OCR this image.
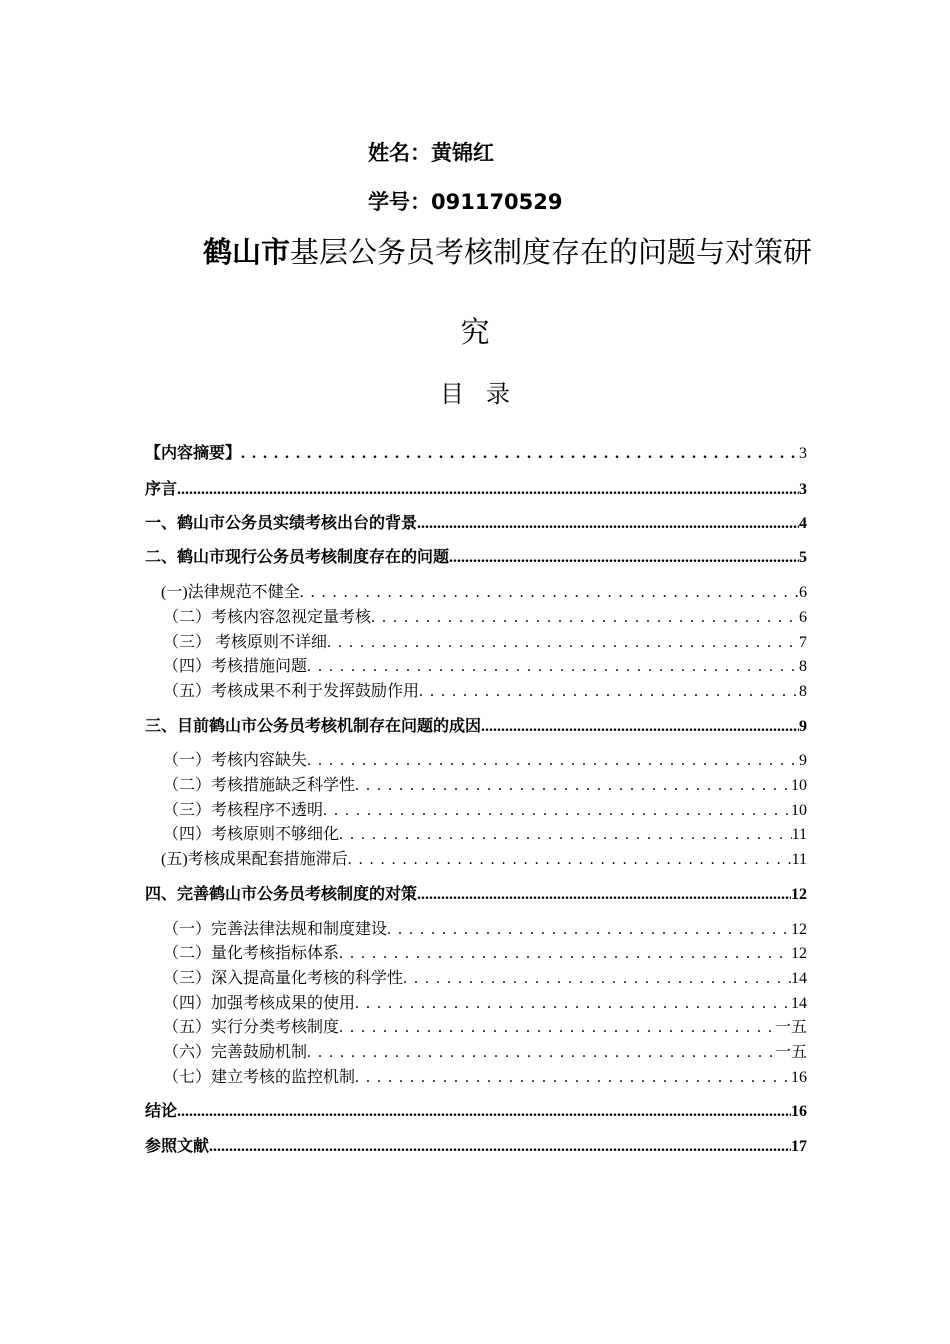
姓名：黄锦红
学号：091170529
鹤山市基层公务员考核制度存在的问题与对策研
究
目录
【内容摘要】 . . .	3
序言 .....	3
一、鹤山市公务员实绩考核出台的背景 .....	4
二、鹤山市现行公务员考核制度存在的问题 .....	5
(一)法律规范不健全 . . .	6
（二）考核内容忽视定量考核 . . .	6
（三） 考核原则不详细 . . .	7
（四）考核措施问题 . . .	8
（五）考核成果不利于发挥鼓励作用 . . .	8
三、目前鹤山市公务员考核机制存在问题的成因 .....	9
（一）考核内容缺失 . . .	9
（二）考核措施缺乏科学性 . . .	10
（三）考核程序不透明 . . .	10
（四）考核原则不够细化 . . .	11
(五)考核成果配套措施滞后 . . .	11
四、完善鹤山市公务员考核制度的对策 .....	12
（一）完善法律法规和制度建设 . . .	12
（二）量化考核指标体系 . . .	12
（三）深入提高量化考核的科学性 . . .	14
（四）加强考核成果的使用 . . .	14
（五）实行分类考核制度 . . .	一五
（六）完善鼓励机制 . . .	一五
（七）建立考核的监控机制 . . .	16
结论 .....	16
参照文献 .....	17
